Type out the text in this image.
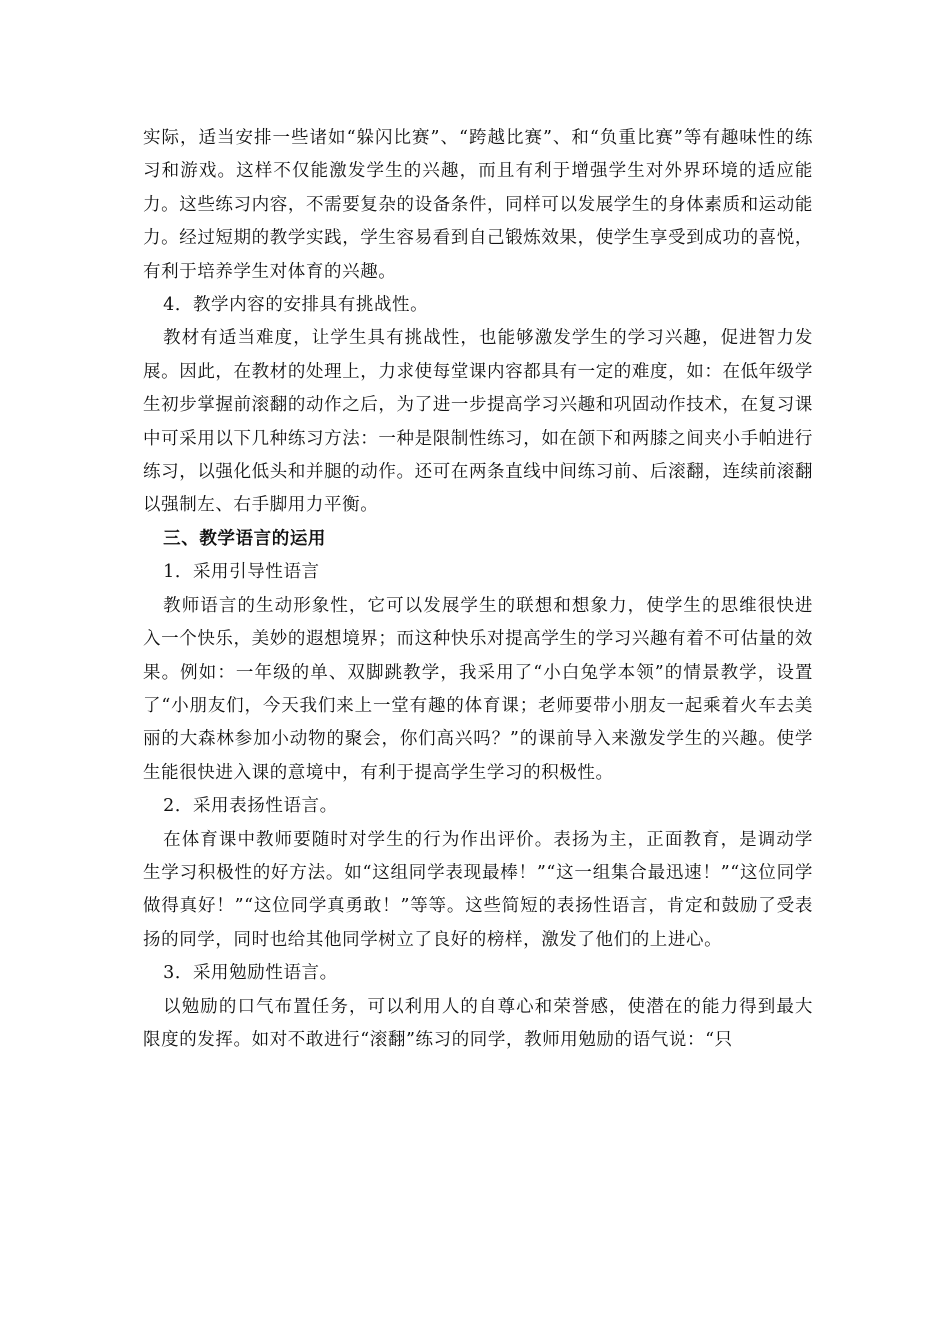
实际，适当安排一些诸如“躲闪比赛”、“跨越比赛”、和“负重比赛”等有趣味性的练习和游戏。这样不仅能激发学生的兴趣，而且有利于增强学生对外界环境的适应能力。这些练习内容，不需要复杂的设备条件，同样可以发展学生的身体素质和运动能力。经过短期的教学实践，学生容易看到自己锻炼效果，使学生享受到成功的喜悦，有利于培养学生对体育的兴趣。

4．教学内容的安排具有挑战性。

教材有适当难度，让学生具有挑战性，也能够激发学生的学习兴趣，促进智力发展。因此，在教材的处理上，力求使每堂课内容都具有一定的难度，如：在低年级学生初步掌握前滚翻的动作之后，为了进一步提高学习兴趣和巩固动作技术，在复习课中可采用以下几种练习方法：一种是限制性练习，如在颌下和两膝之间夹小手帕进行练习，以强化低头和并腿的动作。还可在两条直线中间练习前、后滚翻，连续前滚翻以强制左、右手脚用力平衡。

三、教学语言的运用

1．采用引导性语言

教师语言的生动形象性，它可以发展学生的联想和想象力，使学生的思维很快进入一个快乐，美妙的遐想境界；而这种快乐对提高学生的学习兴趣有着不可估量的效果。例如：一年级的单、双脚跳教学，我采用了“小白兔学本领”的情景教学，设置了“小朋友们，今天我们来上一堂有趣的体育课；老师要带小朋友一起乘着火车去美丽的大森林参加小动物的聚会，你们高兴吗？”的课前导入来激发学生的兴趣。使学生能很快进入课的意境中，有利于提高学生学习的积极性。

2．采用表扬性语言。

在体育课中教师要随时对学生的行为作出评价。表扬为主，正面教育，是调动学生学习积极性的好方法。如“这组同学表现最棒！”“这一组集合最迅速！”“这位同学做得真好！”“这位同学真勇敢！”等等。这些简短的表扬性语言，肯定和鼓励了受表扬的同学，同时也给其他同学树立了良好的榜样，激发了他们的上进心。

3．采用勉励性语言。

以勉励的口气布置任务，可以利用人的自尊心和荣誉感，使潜在的能力得到最大限度的发挥。如对不敢进行“滚翻”练习的同学，教师用勉励的语气说：“只
